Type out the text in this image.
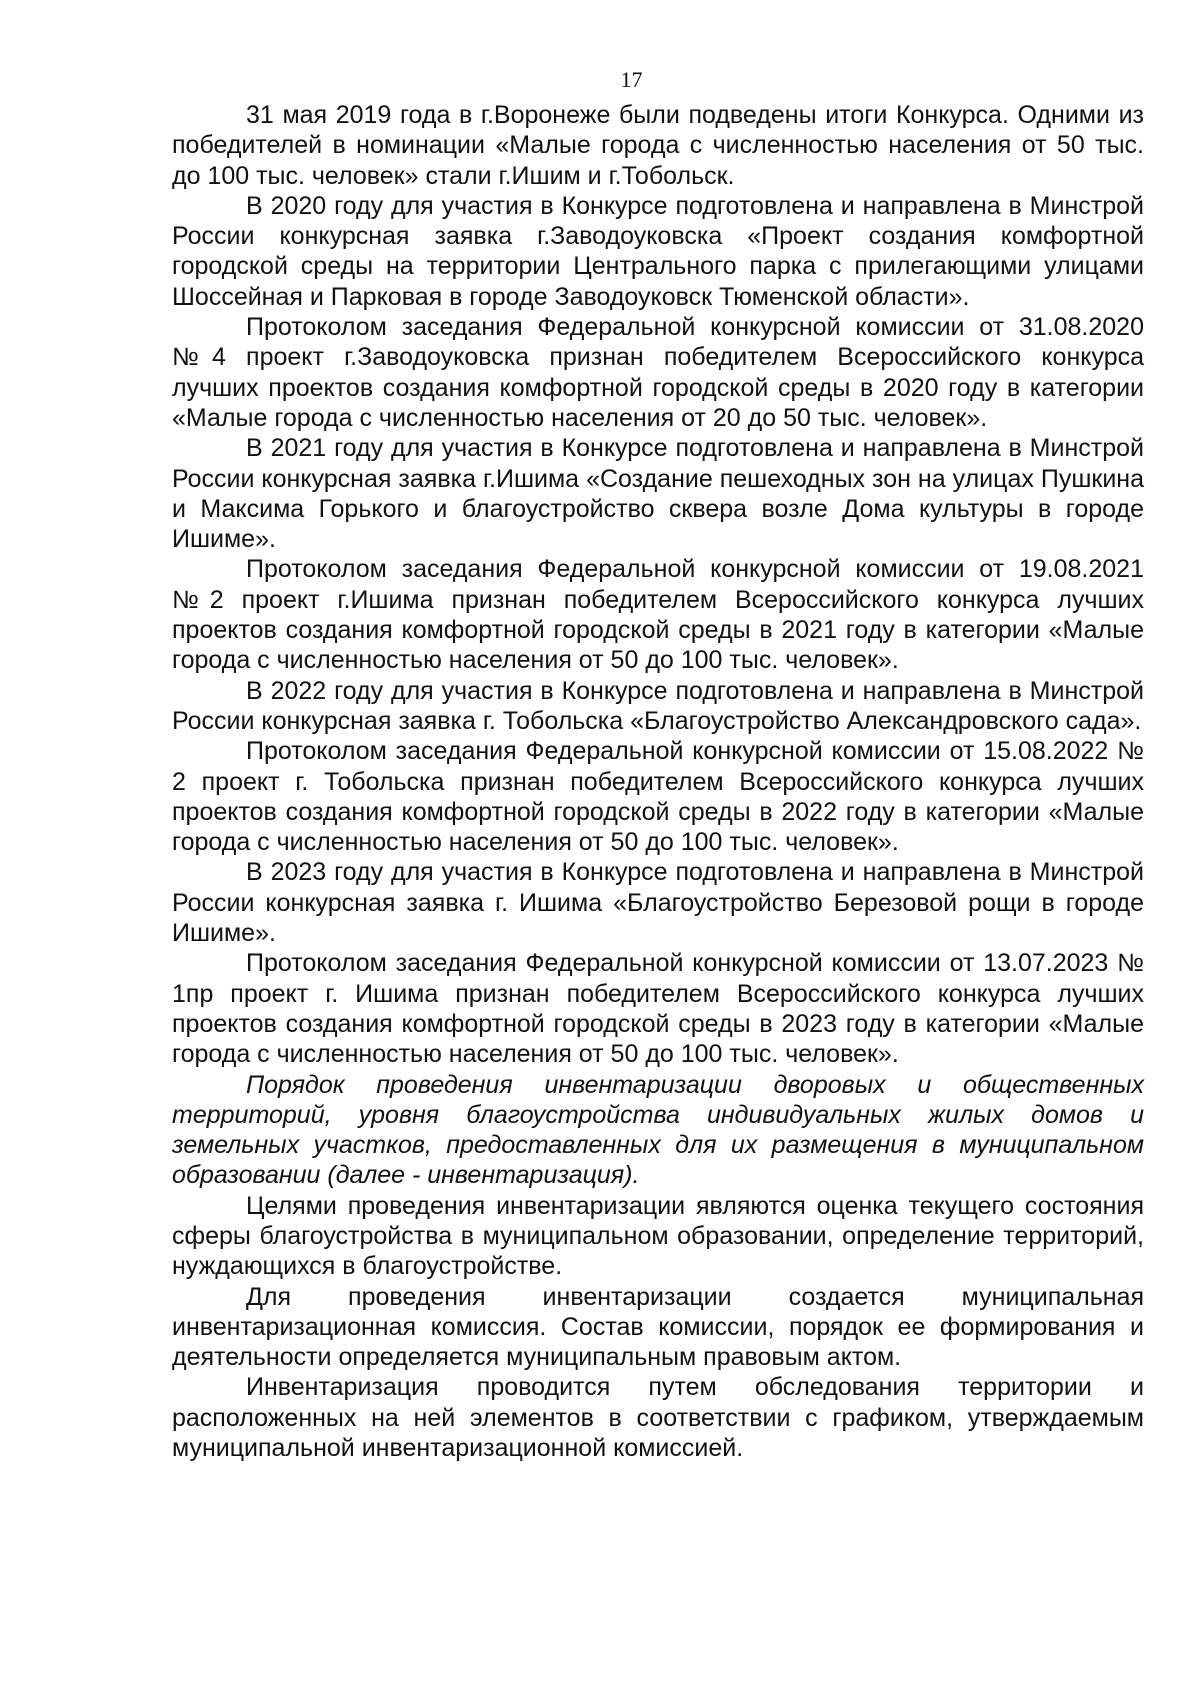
17

31 мая 2019 года в г.Воронеже были подведены итоги Конкурса. Одними из победителей в номинации «Малые города с численностью населения от 50 тыс. до 100 тыс. человек» стали г.Ишим и г.Тобольск.

В 2020 году для участия в Конкурсе подготовлена и направлена в Минстрой России конкурсная заявка г.Заводоуковска «Проект создания комфортной городской среды на территории Центрального парка с прилегающими улицами Шоссейная и Парковая в городе Заводоуковск Тюменской области».

Протоколом заседания Федеральной конкурсной комиссии от 31.08.2020 №4 проект г.Заводоуковска признан победителем Всероссийского конкурса лучших проектов создания комфортной городской среды в 2020 году в категории «Малые города с численностью населения от 20 до 50 тыс. человек».

В 2021 году для участия в Конкурсе подготовлена и направлена в Минстрой России конкурсная заявка г.Ишима «Создание пешеходных зон на улицах Пушкина и Максима Горького и благоустройство сквера возле Дома культуры в городе Ишиме».

Протоколом заседания Федеральной конкурсной комиссии от 19.08.2021 №2 проект г.Ишима признан победителем Всероссийского конкурса лучших проектов создания комфортной городской среды в 2021 году в категории «Малые города с численностью населения от 50 до 100 тыс. человек».

В 2022 году для участия в Конкурсе подготовлена и направлена в Минстрой России конкурсная заявка г. Тобольска «Благоустройство Александровского сада».

Протоколом заседания Федеральной конкурсной комиссии от 15.08.2022 № 2 проект г. Тобольска признан победителем Всероссийского конкурса лучших проектов создания комфортной городской среды в 2022 году в категории «Малые города с численностью населения от 50 до 100 тыс. человек».

В 2023 году для участия в Конкурсе подготовлена и направлена в Минстрой России конкурсная заявка г. Ишима «Благоустройство Березовой рощи в городе Ишиме».

Протоколом заседания Федеральной конкурсной комиссии от 13.07.2023 № 1пр проект г. Ишима признан победителем Всероссийского конкурса лучших проектов создания комфортной городской среды в 2023 году в категории «Малые города с численностью населения от 50 до 100 тыс. человек».

Порядок проведения инвентаризации дворовых и общественных территорий, уровня благоустройства индивидуальных жилых домов и земельных участков, предоставленных для их размещения в муниципальном образовании (далее - инвентаризация).

Целями проведения инвентаризации являются оценка текущего состояния сферы благоустройства в муниципальном образовании, определение территорий, нуждающихся в благоустройстве.

Для проведения инвентаризации создается муниципальная инвентаризационная комиссия. Состав комиссии, порядок ее формирования и деятельности определяется муниципальным правовым актом.

Инвентаризация проводится путем обследования территории и расположенных на ней элементов в соответствии с графиком, утверждаемым муниципальной инвентаризационной комиссией.
